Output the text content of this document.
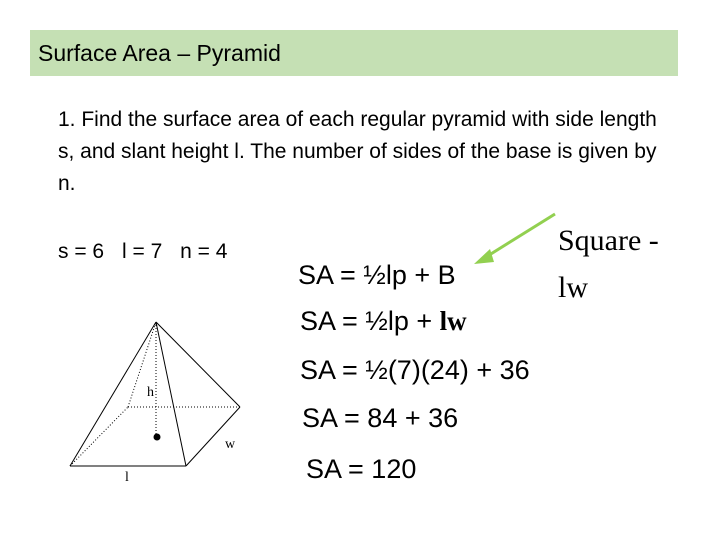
Surface Area – Pyramid
1. Find the surface area of each regular pyramid with side length s, and slant height l. The number of sides of the base is given by n.
s = 6 l = 7 n = 4
h
w
l
Square -
lw
SA = ½lp + B
SA = ½lp + lw
SA = ½(7)(24) + 36
SA = 84 + 36
SA = 120
